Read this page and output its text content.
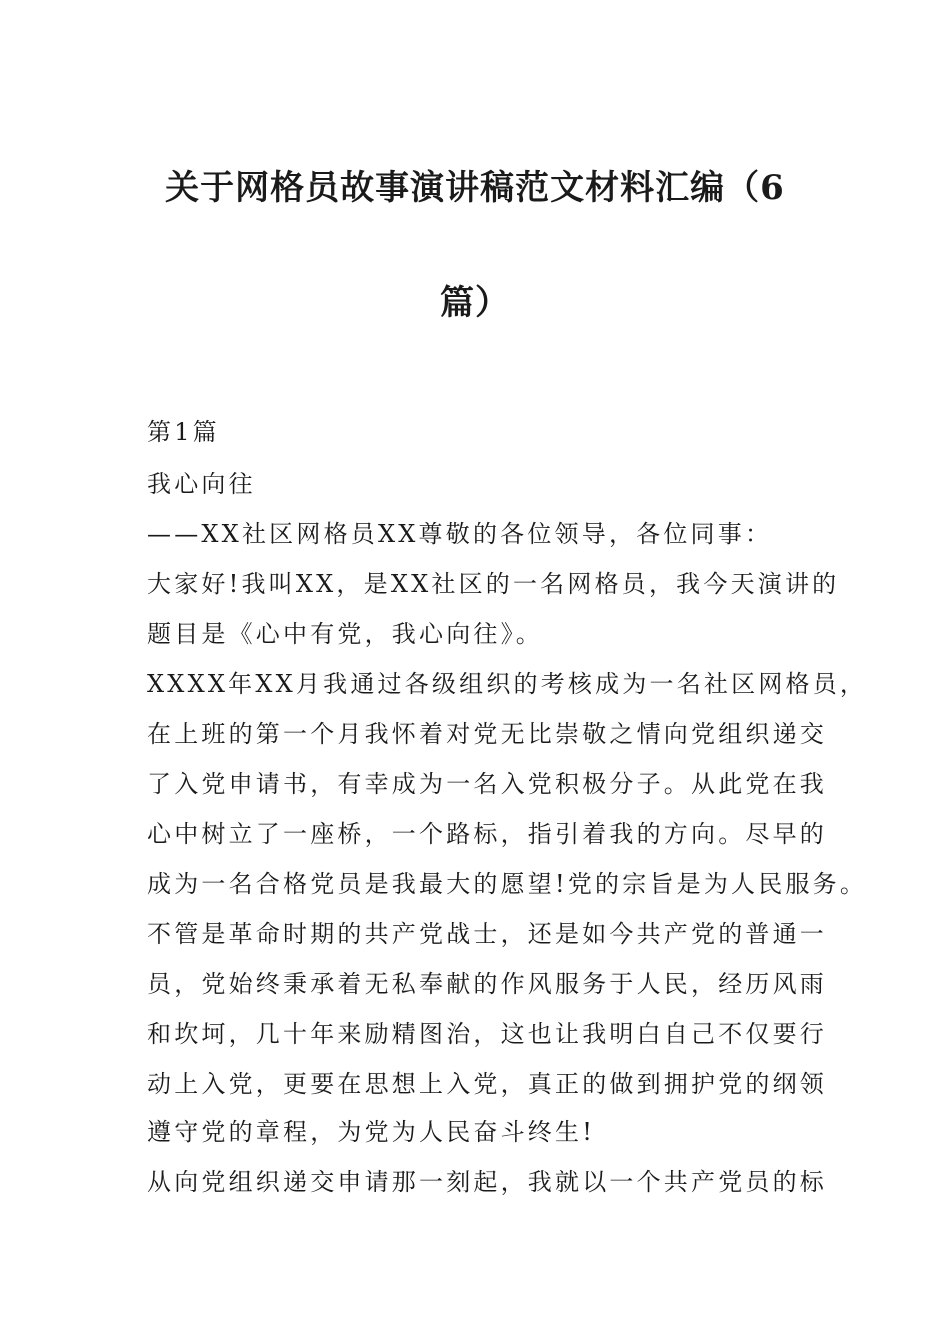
关于网格员故事演讲稿范文材料汇编（6
篇）

第1篇

我心向往

——XX社区网格员XX尊敬的各位领导，各位同事：

大家好!我叫XX，是XX社区的一名网格员，我今天演讲的

题目是《心中有党，我心向往》。

XXXX年XX月我通过各级组织的考核成为一名社区网格员，

在上班的第一个月我怀着对党无比崇敬之情向党组织递交

了入党申请书，有幸成为一名入党积极分子。从此党在我

心中树立了一座桥，一个路标，指引着我的方向。尽早的

成为一名合格党员是我最大的愿望!党的宗旨是为人民服务。

不管是革命时期的共产党战士，还是如今共产党的普通一

员，党始终秉承着无私奉献的作风服务于人民，经历风雨

和坎坷，几十年来励精图治，这也让我明白自己不仅要行

动上入党，更要在思想上入党，真正的做到拥护党的纲领

遵守党的章程，为党为人民奋斗终生!

从向党组织递交申请那一刻起，我就以一个共产党员的标
